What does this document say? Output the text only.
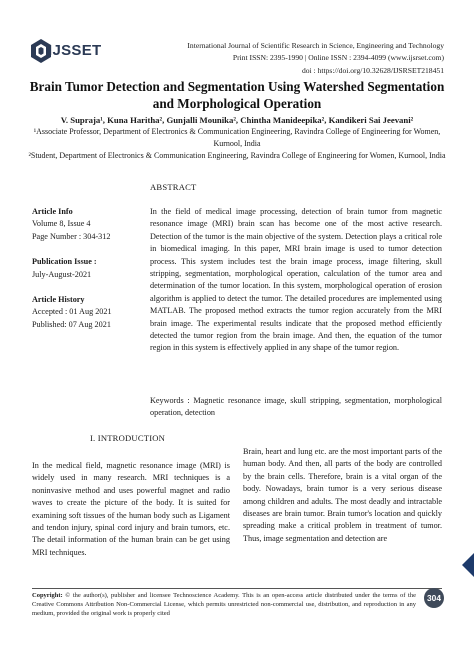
IJSSET	International Journal of Scientific Research in Science, Engineering and Technology
Print ISSN: 2395-1990 | Online ISSN : 2394-4099 (www.ijsrset.com)
doi : https://doi.org/10.32628/IJSRSET218451
Brain Tumor Detection and Segmentation Using Watershed Segmentation and Morphological Operation
V. Supraja¹, Kuna Haritha², Gunjalli Mounika², Chintha Manideepika², Kandikeri Sai Jeevani²
¹Associate Professor, Department of Electronics & Communication Engineering, Ravindra College of Engineering for Women, Kurnool, India
²Student, Department of Electronics & Communication Engineering, Ravindra College of Engineering for Women, Kurnool, India
ABSTRACT
Article Info
Volume 8, Issue 4
Page Number : 304-312
Publication Issue :
July-August-2021
Article History
Accepted : 01 Aug 2021
Published: 07 Aug 2021
In the field of medical image processing, detection of brain tumor from magnetic resonance image (MRI) brain scan has become one of the most active research. Detection of the tumor is the main objective of the system. Detection plays a critical role in biomedical imaging. In this paper, MRI brain image is used to tumor detection process. This system includes test the brain image process, image filtering, skull stripping, segmentation, morphological operation, calculation of the tumor area and determination of the tumor location. In this system, morphological operation of erosion algorithm is applied to detect the tumor. The detailed procedures are implemented using MATLAB. The proposed method extracts the tumor region accurately from the MRI brain image. The experimental results indicate that the proposed method efficiently detected the tumor region from the brain image. And then, the equation of the tumor region in this system is effectively applied in any shape of the tumor region.
Keywords : Magnetic resonance image, skull stripping, segmentation, morphological operation, detection
I. INTRODUCTION
In the medical field, magnetic resonance image (MRI) is widely used in many research. MRI techniques is a noninvasive method and uses powerful magnet and radio waves to create the picture of the body. It is suited for examining soft tissues of the human body such as Ligament and tendon injury, spinal cord injury and brain tumors, etc. The detail information of the human brain can be get using MRI techniques.
Brain, heart and lung etc. are the most important parts of the human body. And then, all parts of the body are controlled by the brain cells. Therefore, brain is a vital organ of the body. Nowadays, brain tumor is a very serious disease among children and adults. The most deadly and intractable diseases are brain tumor. Brain tumor's location and quickly spreading make a critical problem in treatment of tumor. Thus, image segmentation and detection are
Copyright: © the author(s), publisher and licensee Technoscience Academy. This is an open-access article distributed under the terms of the Creative Commons Attribution Non-Commercial License, which permits unrestricted non-commercial use, distribution, and reproduction in any medium, provided the original work is properly cited
304
